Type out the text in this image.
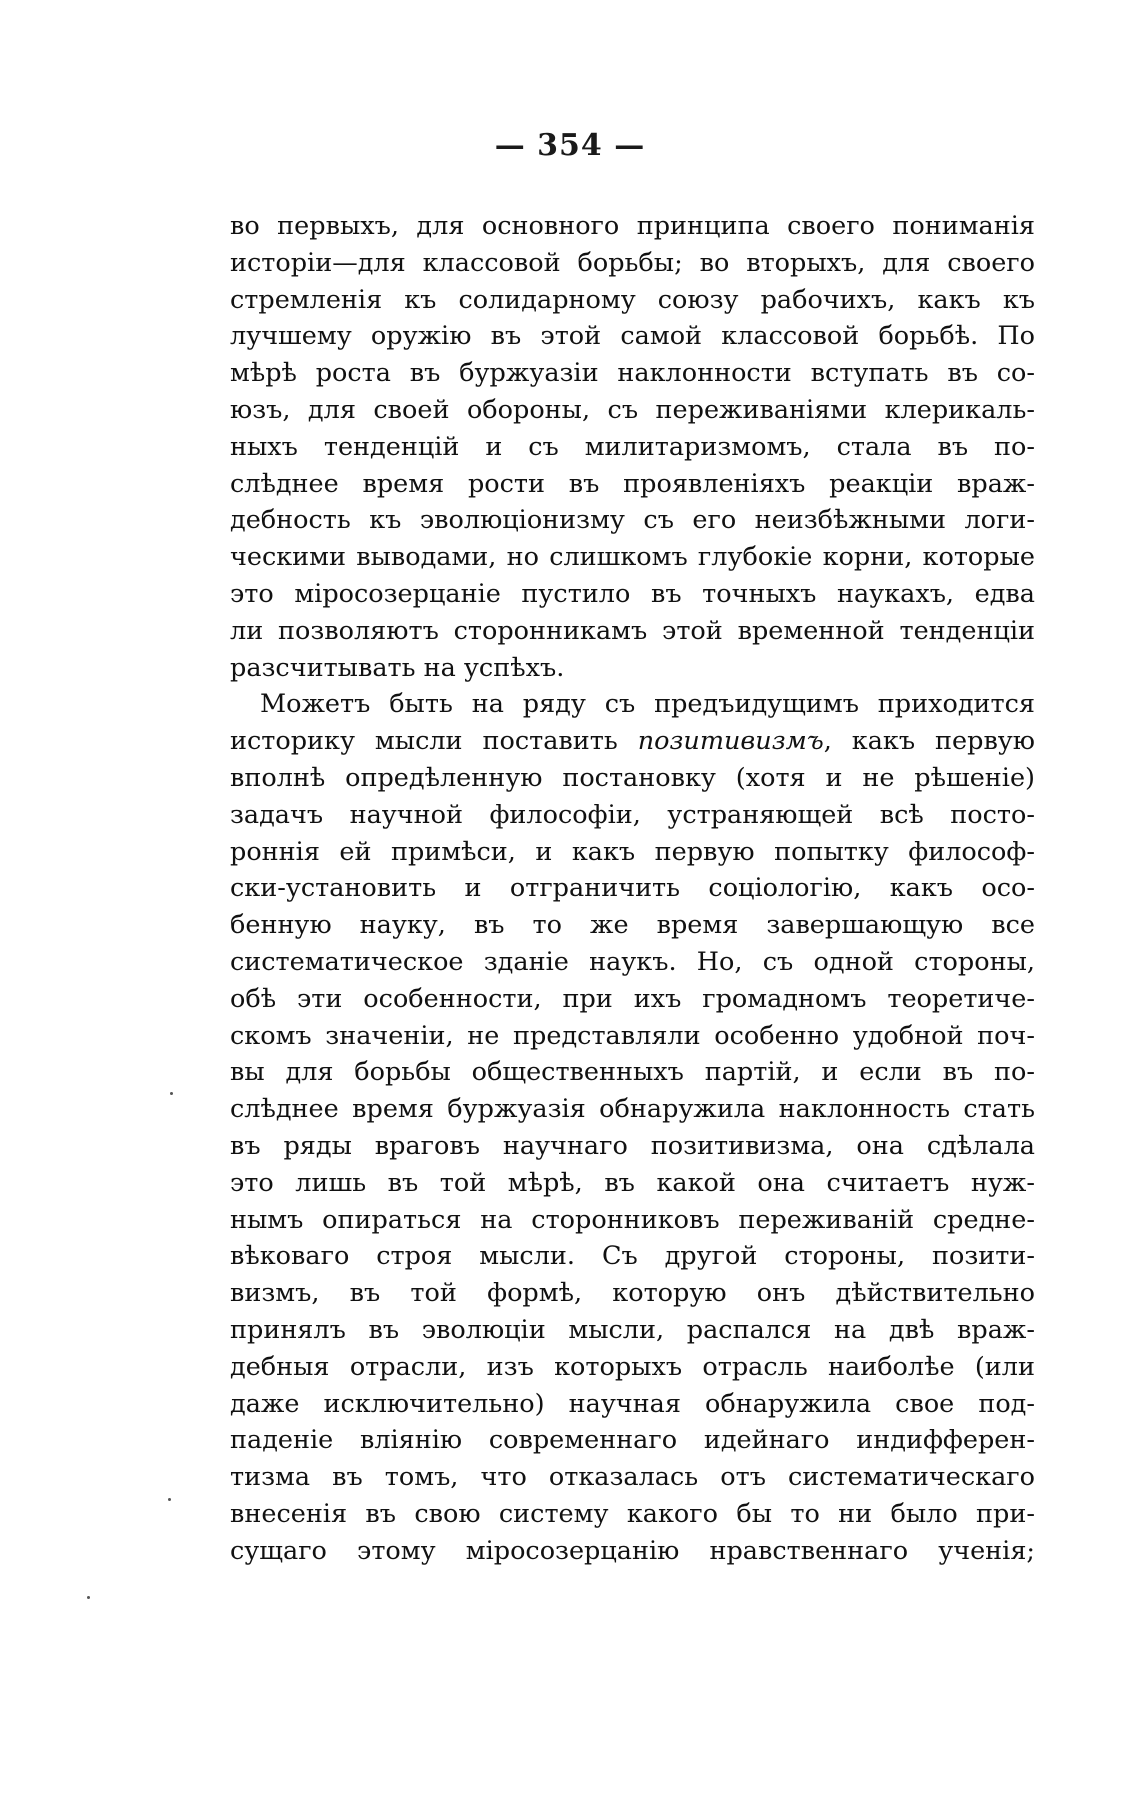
— 354 —
во первыхъ, для основного принципа своего пониманія
исторіи—для классовой борьбы; во вторыхъ, для своего
стремленія къ солидарному союзу рабочихъ, какъ къ
лучшему оружію въ этой самой классовой борьбѣ. По
мѣрѣ роста въ буржуазіи наклонности вступать въ со-
юзъ, для своей обороны, съ переживаніями клерикаль-
ныхъ тенденцій и съ милитаризмомъ, стала въ по-
слѣднее время рости въ проявленіяхъ реакціи враж-
дебность къ эволюціонизму съ его неизбѣжными логи-
ческими выводами, но слишкомъ глубокіе корни, которые
это міросозерцаніе пустило въ точныхъ наукахъ, едва
ли позволяютъ сторонникамъ этой временной тенденціи
разсчитывать на успѣхъ.
Можетъ быть на ряду съ предъидущимъ приходится
историку мысли поставить позитивизмъ, какъ первую
вполнѣ опредѣленную постановку (хотя и не рѣшеніе)
задачъ научной философіи, устраняющей всѣ посто-
роннія ей примѣси, и какъ первую попытку философ-
ски-установить и отграничить соціологію, какъ осо-
бенную науку, въ то же время завершающую все
систематическое зданіе наукъ. Но, съ одной стороны,
обѣ эти особенности, при ихъ громадномъ теоретиче-
скомъ значеніи, не представляли особенно удобной поч-
вы для борьбы общественныхъ партій, и если въ по-
слѣднее время буржуазія обнаружила наклонность стать
въ ряды враговъ научнаго позитивизма, она сдѣлала
это лишь въ той мѣрѣ, въ какой она считаетъ нуж-
нымъ опираться на сторонниковъ переживаній средне-
вѣковаго строя мысли. Съ другой стороны, позити-
визмъ, въ той формѣ, которую онъ дѣйствительно
принялъ въ эволюціи мысли, распался на двѣ враж-
дебныя отрасли, изъ которыхъ отрасль наиболѣе (или
даже исключительно) научная обнаружила свое под-
паденіе вліянію современнаго идейнаго индифферен-
тизма въ томъ, что отказалась отъ систематическаго
внесенія въ свою систему какого бы то ни было при-
сущаго этому міросозерцанію нравственнаго ученія;
